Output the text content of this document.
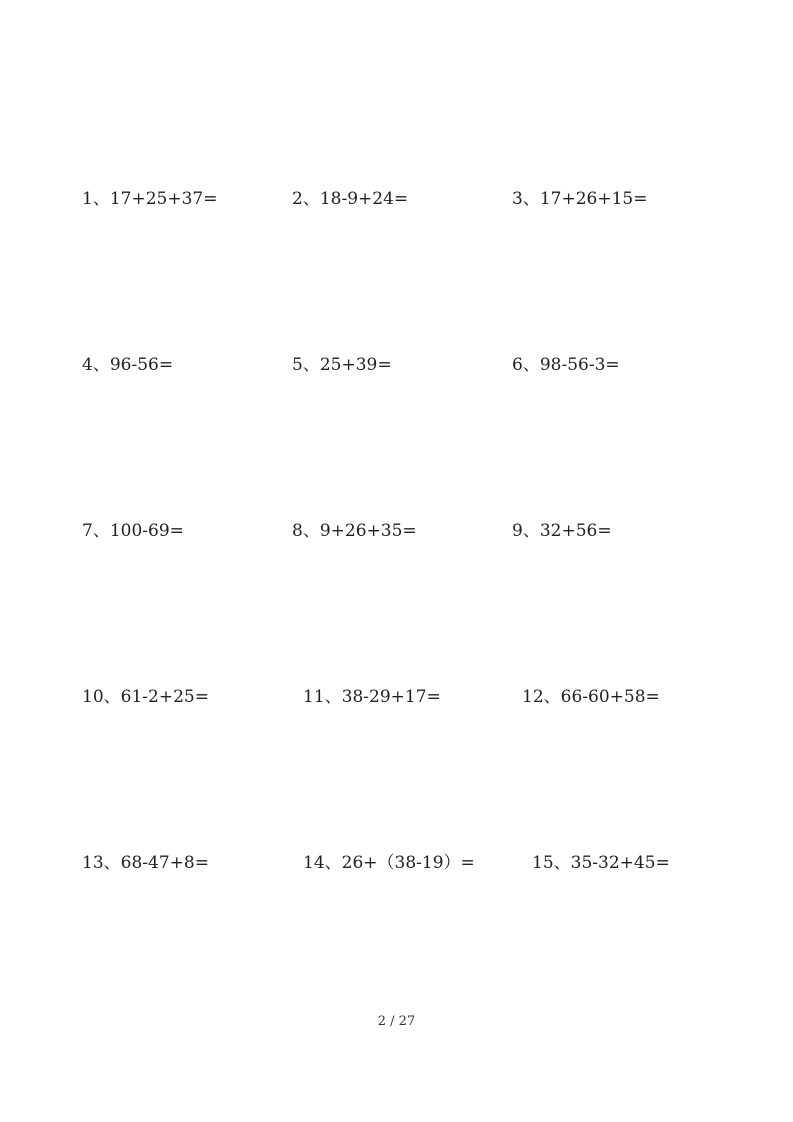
1、17+25+37=	2、18-9+24=	3、17+26+15=
4、96-56=	5、25+39=	6、98-56-3=
7、100-69=	8、9+26+35=	9、32+56=
10、61-2+25=	11、38-29+17=	12、66-60+58=
13、68-47+8=	14、26+（38-19）=	15、35-32+45=
2 / 27
